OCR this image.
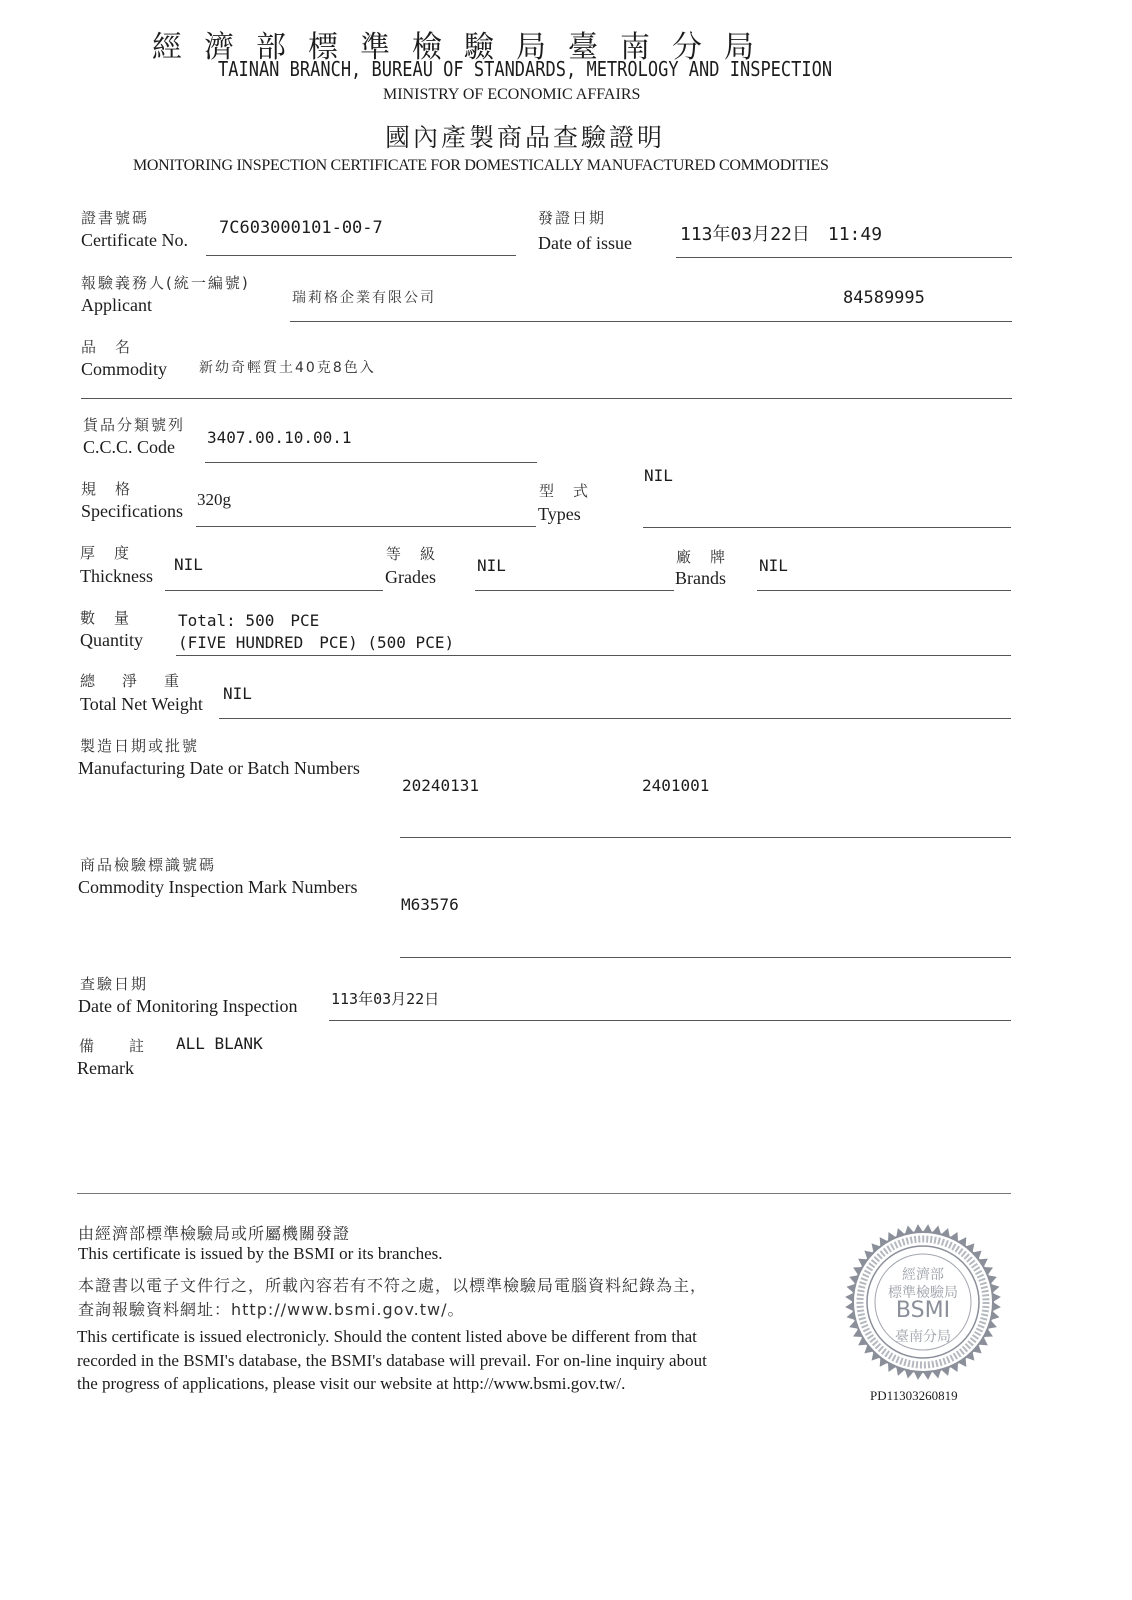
經濟部標準檢驗局臺南分局
TAINAN BRANCH, BUREAU OF STANDARDS, METROLOGY AND INSPECTION
MINISTRY OF ECONOMIC AFFAIRS
國內產製商品查驗證明
MONITORING INSPECTION CERTIFICATE FOR DOMESTICALLY MANUFACTURED COMMODITIES
證書號碼
Certificate No.
7C603000101-00-7	發證日期
Date of issue	113年03月22日　11:49
報驗義務人(統一編號)
Applicant	瑞莉格企業有限公司	84589995
品　名
Commodity 新幼奇輕質土40克8色入
貨品分類號列
C.C.C. Code 3407.00.10.00.1
規　格
Specifications
320g	型　式
Types
NIL
厚　度
Thickness
NIL
等　級
Grades
NIL	廠　牌
Brands
NIL
數　量
Quantity
Total: 500　PCE
(FIVE HUNDRED　PCE) (500 PCE)
總　淨　重
Total Net Weight
NIL
製造日期或批號
Manufacturing Date or Batch Numbers
20240131	2401001
商品檢驗標識號碼
Commodity Inspection Mark Numbers
M63576
查驗日期
Date of Monitoring Inspection 113年03月22日
備　註
Remark
ALL BLANK
由經濟部標準檢驗局或所屬機關發證
This certificate is issued by the BSMI or its branches.
本證書以電子文件行之，所載內容若有不符之處，以標準檢驗局電腦資料紀錄為主，
查詢報驗資料網址：http://www.bsmi.gov.tw/。
This certificate is issued electronicly. Should the content listed above be different from that
recorded in the BSMI's database, the BSMI's database will prevail. For on-line inquiry about
the progress of applications, please visit our website at http://www.bsmi.gov.tw/.
經濟部
標準檢驗局
BSMI
臺南分局
PD11303260819
